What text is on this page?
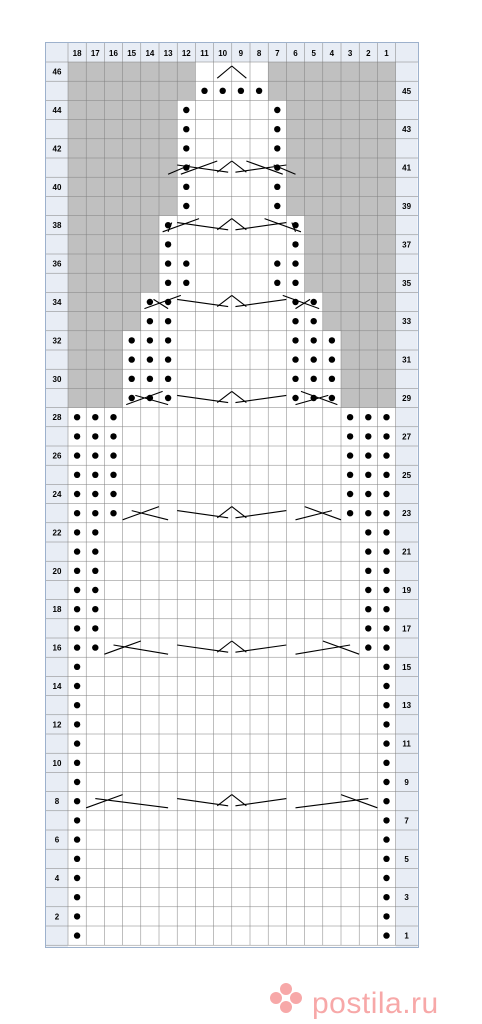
18 17 16 15 14 13 12 11 10 9 8 7 6 5 4 3 2 1
46
45
44
43
42
41
40
39
38
37
36
35
34
33
32
31
30
29
28
27
26
25
24
23
22
21
20
19
18
17
16
15
14
13
12
11
10
9
8
7
6
5
4
3
2
1
postila.ru
